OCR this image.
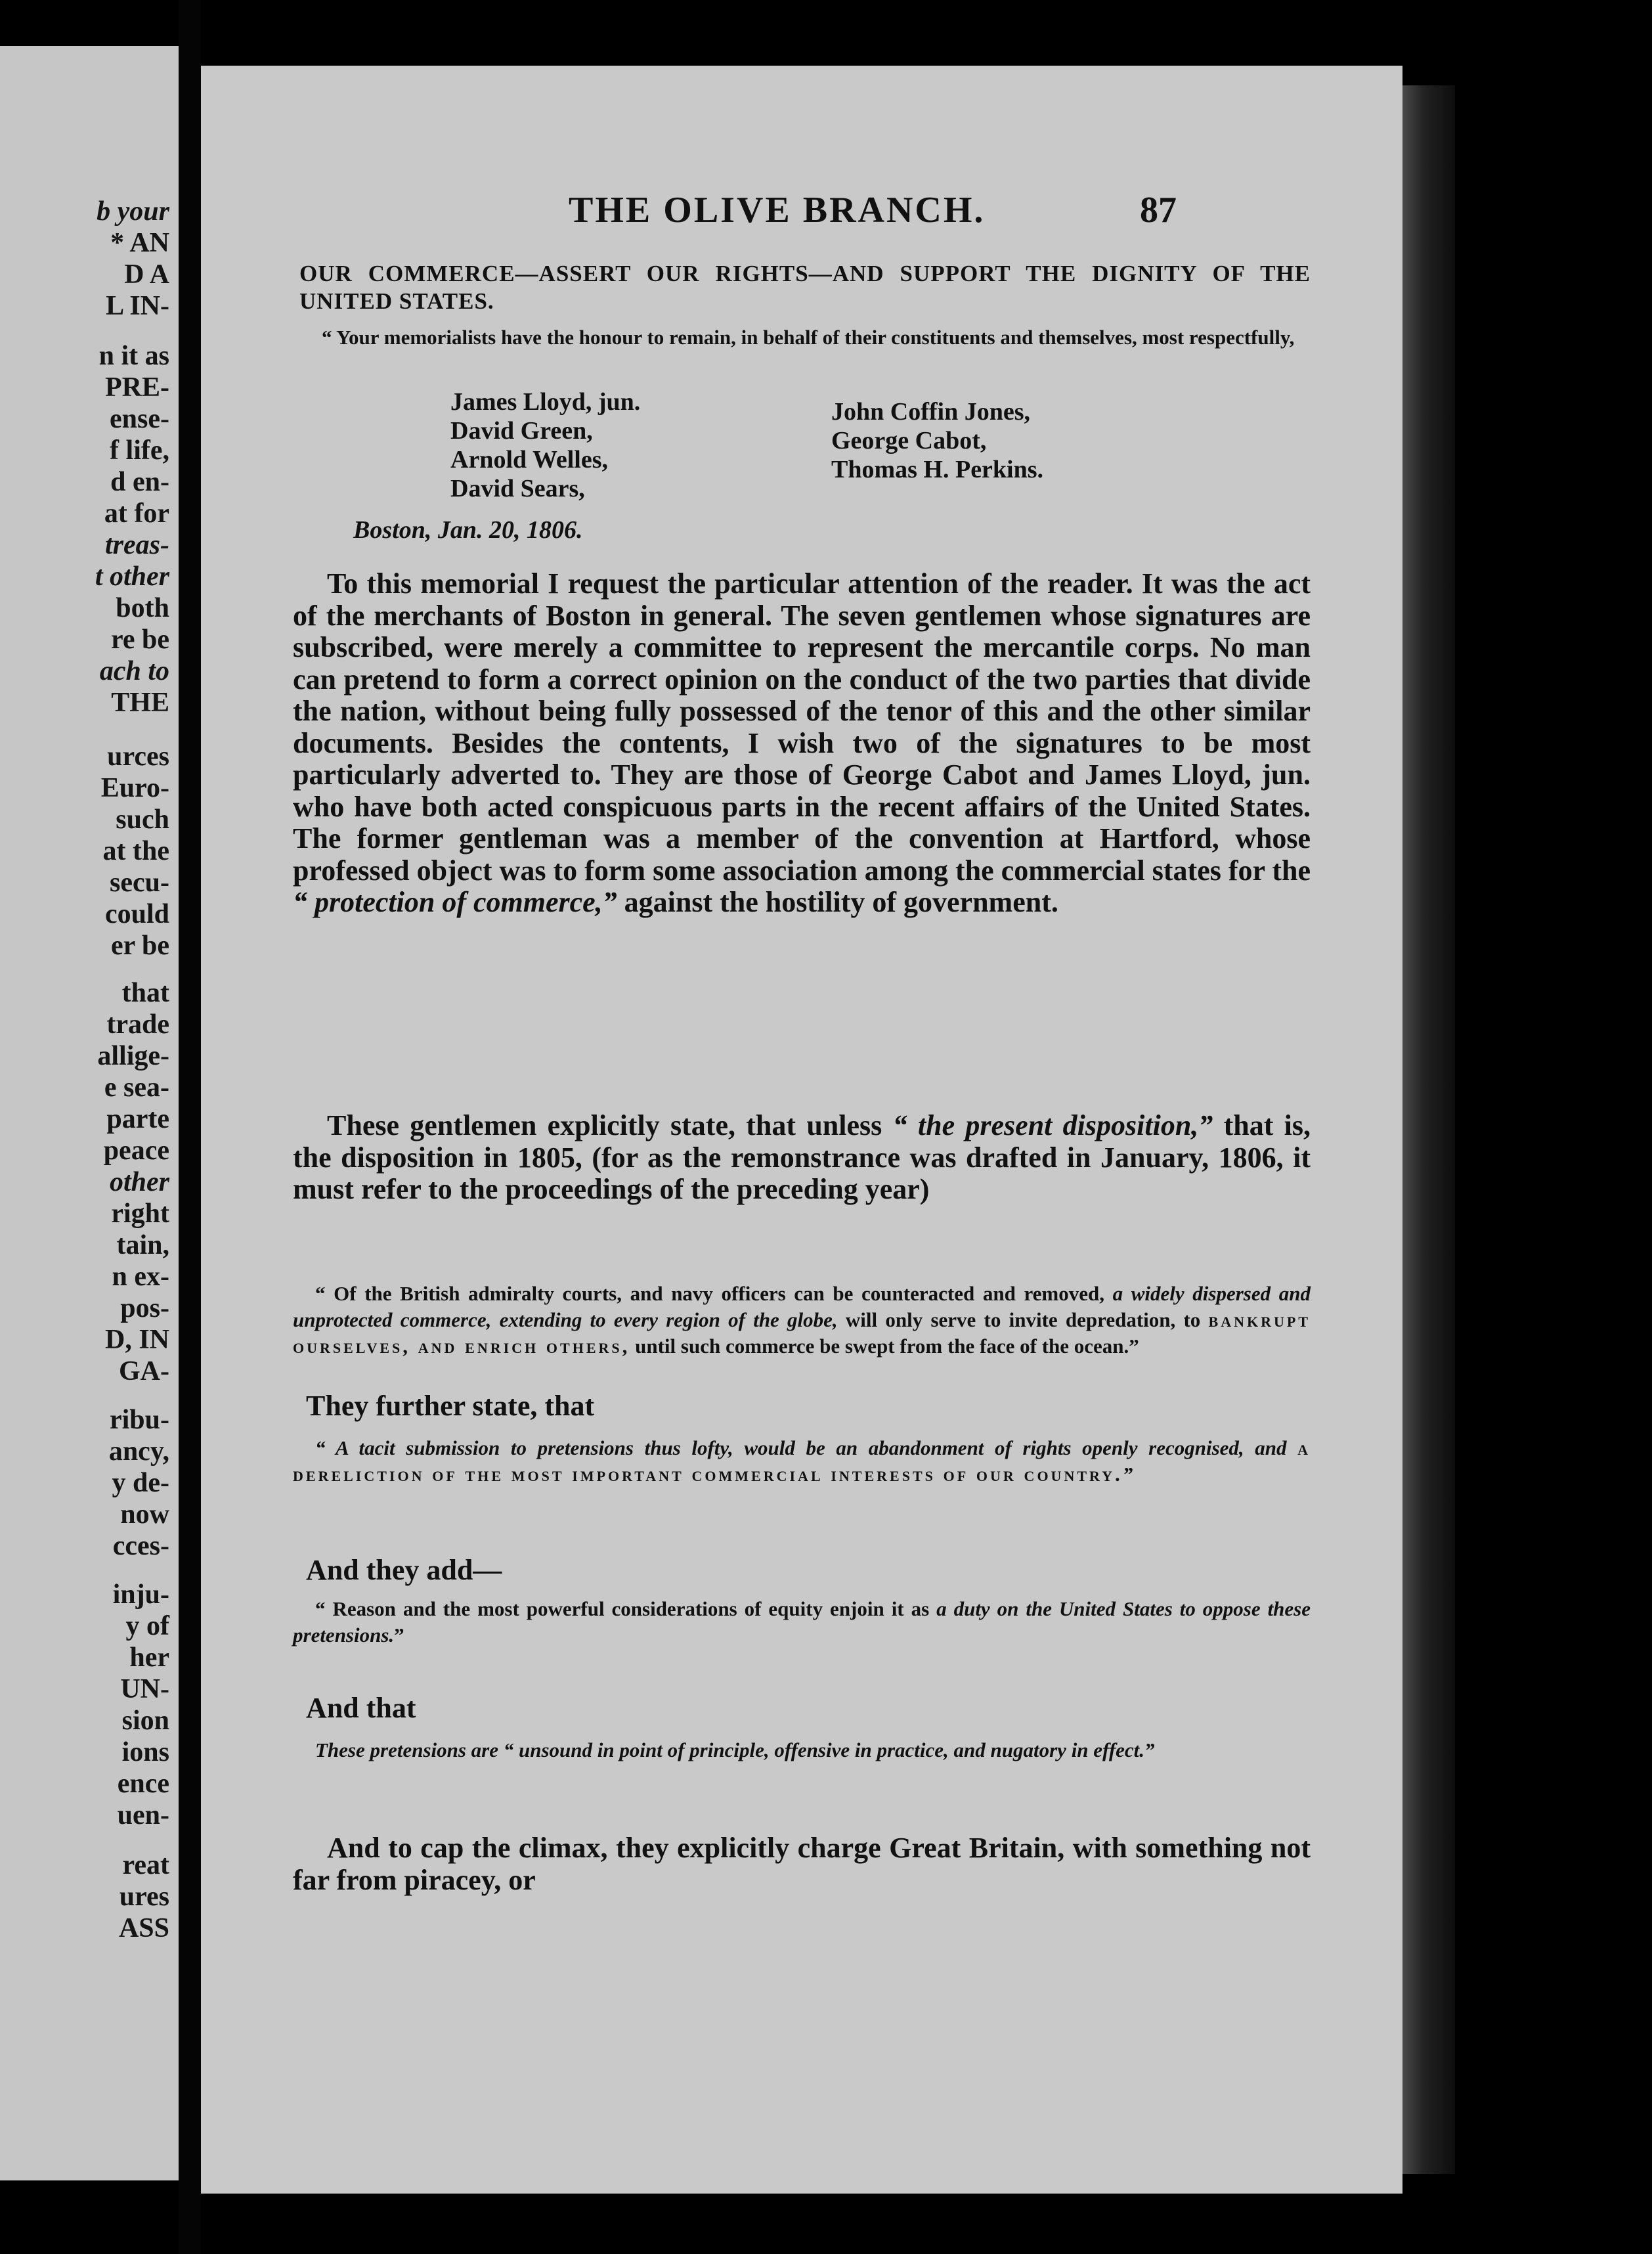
b your
* AN
D A
L IN-
n it as
PRE-
ense-
f life,
d en-
at for
treas-
t other
both
re be
ach to
THE
urces
Euro-
such
at the
secu-
could
er be
that
trade
allige-
e sea-
parte
peace
other
right
tain,
n ex-
pos-
D, IN
GA-
ribu-
ancy,
y de-
now
cces-
inju-
y of
her
UN-
sion
ions
ence
uen-
reat
ures
ASS
THE OLIVE BRANCH.	87
OUR COMMERCE—ASSERT OUR RIGHTS—AND SUPPORT THE DIGNITY OF THE UNITED STATES.
“ Your memorialists have the honour to remain, in behalf of their constituents and themselves, most respectfully,
James Lloyd, jun.
David Green,
Arnold Welles,
David Sears,
John Coffin Jones,
George Cabot,
Thomas H. Perkins.
Boston, Jan. 20, 1806.
To this memorial I request the particular attention of the reader. It was the act of the merchants of Boston in general. The seven gentlemen whose signatures are subscribed, were merely a committee to represent the mercantile corps. No man can pretend to form a correct opinion on the conduct of the two parties that divide the nation, without being fully possessed of the tenor of this and the other similar documents. Besides the contents, I wish two of the signatures to be most particularly adverted to. They are those of George Cabot and James Lloyd, jun. who have both acted conspicuous parts in the recent affairs of the United States. The former gentleman was a member of the convention at Hartford, whose professed object was to form some association among the commercial states for the “ protection of commerce,” against the hostility of government.
These gentlemen explicitly state, that unless “ the present disposition,” that is, the disposition in 1805, (for as the remonstrance was drafted in January, 1806, it must refer to the proceedings of the preceding year)
“ Of the British admiralty courts, and navy officers can be counteracted and removed, a widely dispersed and unprotected commerce, extending to every region of the globe, will only serve to invite depredation, to bankrupt ourselves, and enrich others, until such commerce be swept from the face of the ocean.”
They further state, that
“ A tacit submission to pretensions thus lofty, would be an abandonment of rights openly recognised, and a dereliction of the most important commercial interests of our country.”
And they add—
“ Reason and the most powerful considerations of equity enjoin it as a duty on the United States to oppose these pretensions.”
And that
These pretensions are “ unsound in point of principle, offensive in practice, and nugatory in effect.”
And to cap the climax, they explicitly charge Great Britain, with something not far from piracey, or
